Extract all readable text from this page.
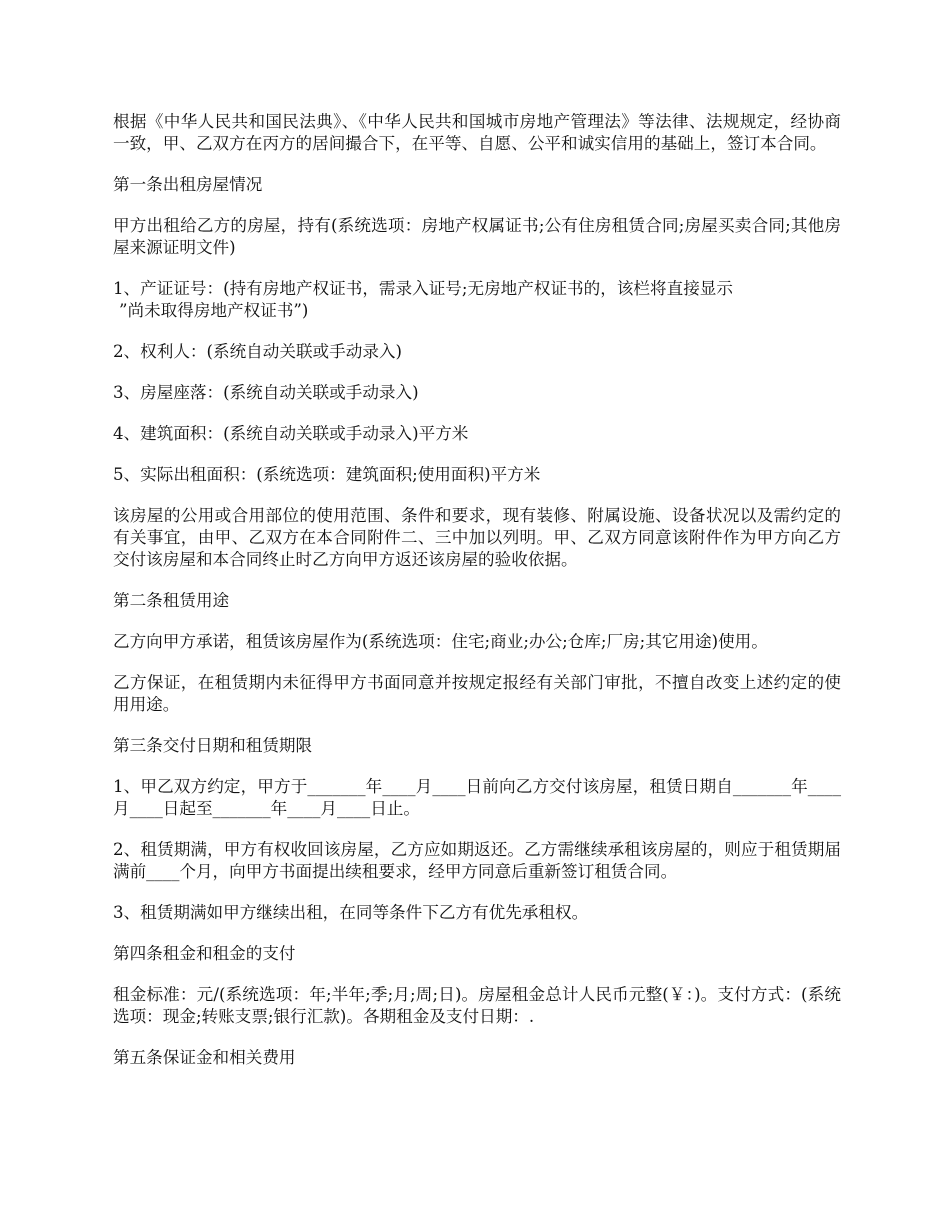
根据《中华人民共和国民法典》、《中华人民共和国城市房地产管理法》等法律、法规规定，经协商一致，甲、乙双方在丙方的居间撮合下，在平等、自愿、公平和诚实信用的基础上，签订本合同。

第一条出租房屋情况

甲方出租给乙方的房屋，持有(系统选项：房地产权属证书;公有住房租赁合同;房屋买卖合同;其他房屋来源证明文件)

1、产证证号：(持有房地产权证书，需录入证号;无房地产权证书的，该栏将直接显示

”尚未取得房地产权证书”)

2、权利人：(系统自动关联或手动录入)

3、房屋座落：(系统自动关联或手动录入)

4、建筑面积：(系统自动关联或手动录入)平方米

5、实际出租面积：(系统选项：建筑面积;使用面积)平方米

该房屋的公用或合用部位的使用范围、条件和要求，现有装修、附属设施、设备状况以及需约定的有关事宜，由甲、乙双方在本合同附件二、三中加以列明。甲、乙双方同意该附件作为甲方向乙方交付该房屋和本合同终止时乙方向甲方返还该房屋的验收依据。

第二条租赁用途

乙方向甲方承诺，租赁该房屋作为(系统选项：住宅;商业;办公;仓库;厂房;其它用途)使用。

乙方保证，在租赁期内未征得甲方书面同意并按规定报经有关部门审批，不擅自改变上述约定的使用用途。

第三条交付日期和租赁期限

1、甲乙双方约定，甲方于_______年____月____日前向乙方交付该房屋，租赁日期自_______年____月____日起至_______年____月____日止。

2、租赁期满，甲方有权收回该房屋，乙方应如期返还。乙方需继续承租该房屋的，则应于租赁期届满前____个月，向甲方书面提出续租要求，经甲方同意后重新签订租赁合同。

3、租赁期满如甲方继续出租，在同等条件下乙方有优先承租权。

第四条租金和租金的支付

租金标准：元/(系统选项：年;半年;季;月;周;日)。房屋租金总计人民币元整(￥：)。支付方式：(系统选项：现金;转账支票;银行汇款)。各期租金及支付日期：.

第五条保证金和相关费用
